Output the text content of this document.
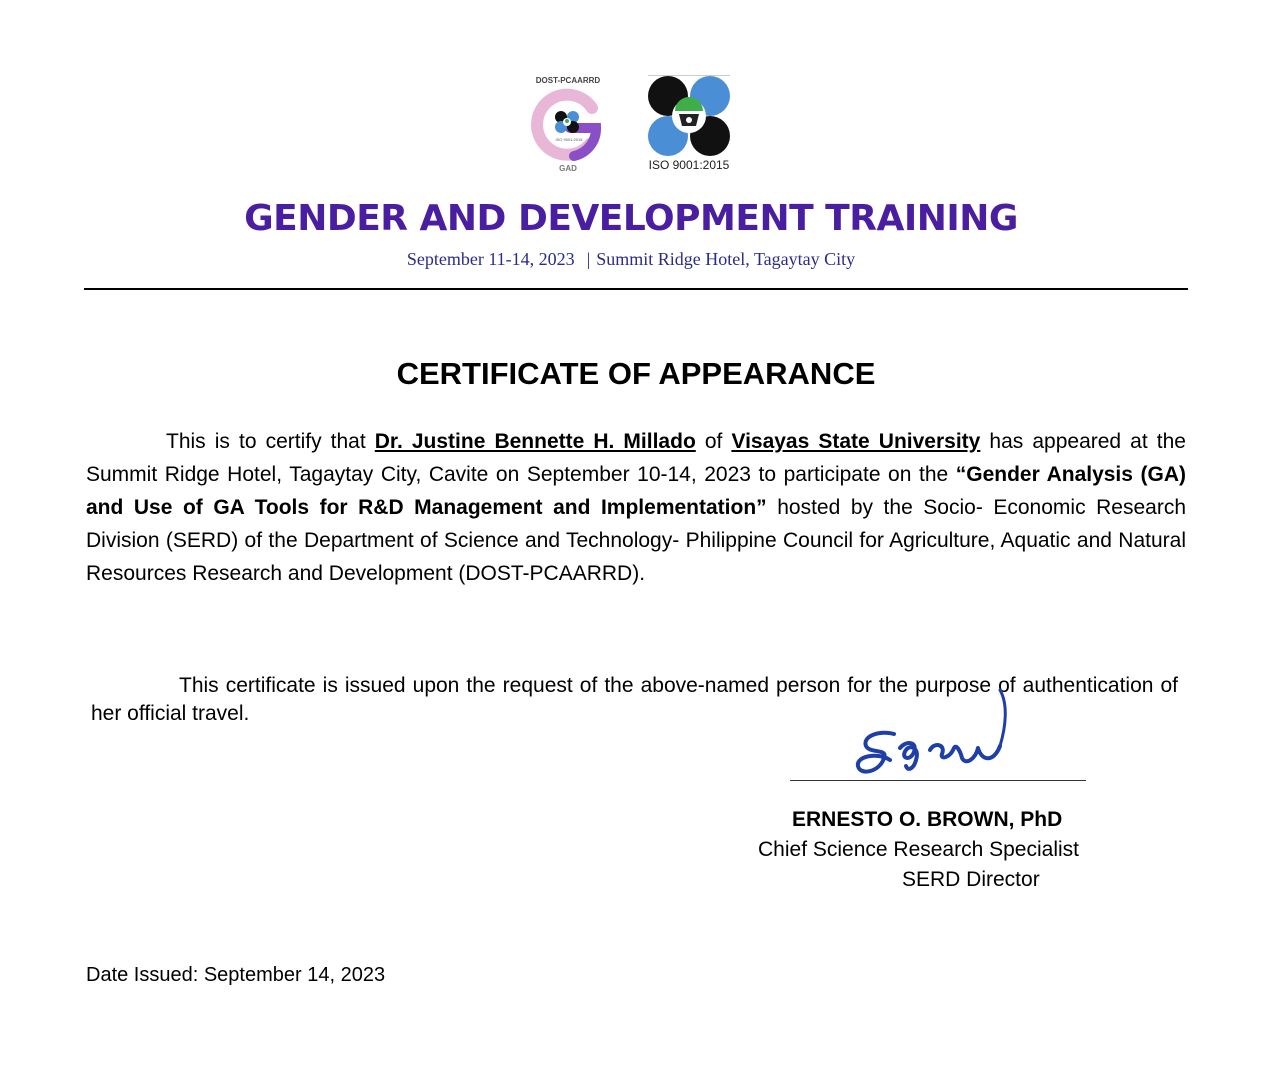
DOST-PCAARRD
ISO 9001:2015
GAD	ISO 9001:2015
GENDER AND DEVELOPMENT TRAINING
September 11-14, 2023 | Summit Ridge Hotel, Tagaytay City
CERTIFICATE OF APPEARANCE

This is to certify that Dr. Justine Bennette H. Millado of Visayas State University has appeared at the Summit Ridge Hotel, Tagaytay City, Cavite on September 10-14, 2023 to participate on the “Gender Analysis (GA) and Use of GA Tools for R&D Management and Implementation” hosted by the Socio- Economic Research Division (SERD) of the Department of Science and Technology- Philippine Council for Agriculture, Aquatic and Natural Resources Research and Development (DOST-PCAARRD).

This certificate is issued upon the request of the above-named person for the purpose of authentication of her official travel.

ERNESTO O. BROWN, PhD
Chief Science Research Specialist
SERD Director
Date Issued: September 14, 2023
